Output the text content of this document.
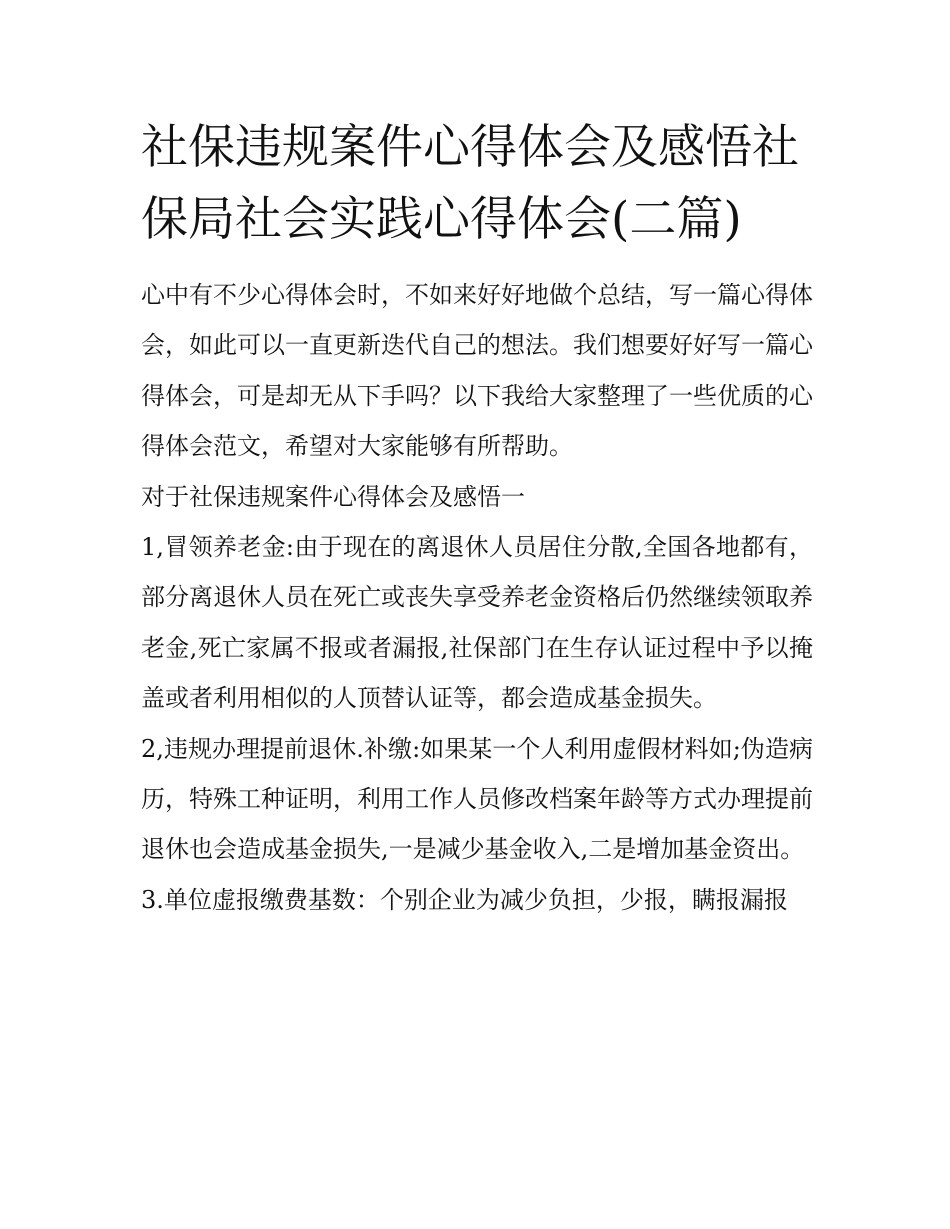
社保违规案件心得体会及感悟社保局社会实践心得体会(二篇)

心中有不少心得体会时，不如来好好地做个总结，写一篇心得体会，如此可以一直更新迭代自己的想法。我们想要好好写一篇心得体会，可是却无从下手吗？以下我给大家整理了一些优质的心得体会范文，希望对大家能够有所帮助。

对于社保违规案件心得体会及感悟一

1,冒领养老金:由于现在的离退休人员居住分散,全国各地都有，部分离退休人员在死亡或丧失享受养老金资格后仍然继续领取养老金,死亡家属不报或者漏报,社保部门在生存认证过程中予以掩盖或者利用相似的人顶替认证等，都会造成基金损失。

2,违规办理提前退休.补缴:如果某一个人利用虚假材料如;伪造病历，特殊工种证明，利用工作人员修改档案年龄等方式办理提前退休也会造成基金损失,一是减少基金收入,二是增加基金资出。

3.单位虚报缴费基数：个别企业为减少负担，少报，瞒报漏报
